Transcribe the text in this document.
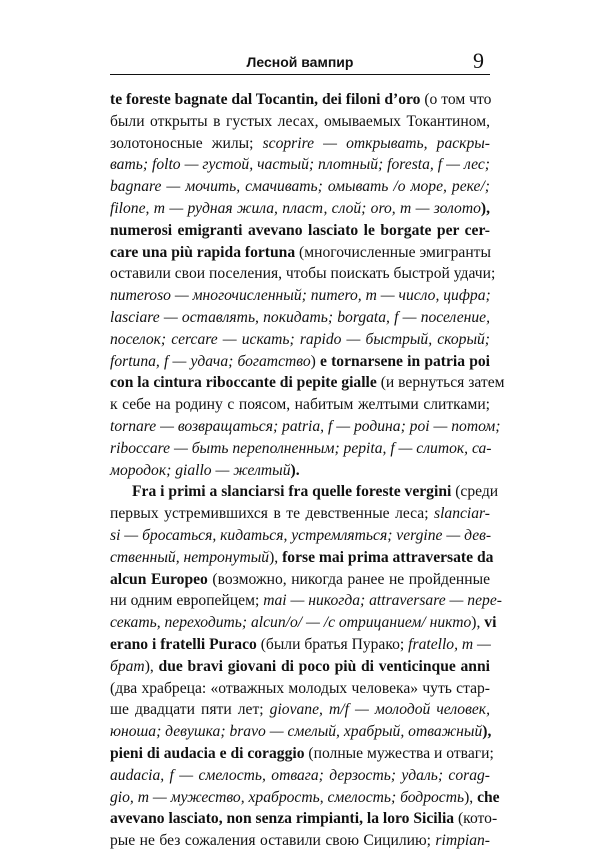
Лесной вампир	9
te foreste bagnate dal Tocantin, dei filoni d’oro (о том что
были открыты в густых лесах, омываемых Токантином,
золотоносные жилы; scoprire — открывать, раскры-
вать; folto — густой, частый; плотный; foresta, f — лес;
bagnare — мочить, смачивать; омывать /о море, реке/;
filone, m — рудная жила, пласт, слой; oro, m — золото),
numerosi emigranti avevano lasciato le borgate per cer-
care una più rapida fortuna (многочисленные эмигранты
оставили свои поселения, чтобы поискать быстрой удачи;
numeroso — многочисленный; numero, m — число, цифра;
lasciare — оставлять, покидать; borgata, f — поселение,
поселок; cercare — искать; rapido — быстрый, скорый;
fortuna, f — удача; богатство) e tornarsene in patria poi
con la cintura riboccante di pepite gialle (и вернуться затем
к себе на родину с поясом, набитым желтыми слитками;
tornare — возвращаться; patria, f — родина; poi — потом;
riboccare — быть переполненным; pepita, f — слиток, са-
мородок; giallo — желтый).
Fra i primi a slanciarsi fra quelle foreste vergini (среди
первых устремившихся в те девственные леса; slanciar-
si — бросаться, кидаться, устремляться; vergine — дев-
ственный, нетронутый), forse mai prima attraversate da
alcun Europeo (возможно, никогда ранее не пройденные
ни одним европейцем; mai — никогда; attraversare — пере-
секать, переходить; alcun/o/ — /с отрицанием/ никто), vi
erano i fratelli Puraco (были братья Пурако; fratello, m —
брат), due bravi giovani di poco più di venticinque anni
(два храбреца: «отважных молодых человека» чуть стар-
ше двадцати пяти лет; giovane, m/f — молодой человек,
юноша; девушка; bravo — смелый, храбрый, отважный),
pieni di audacia e di coraggio (полные мужества и отваги;
audacia, f — смелость, отвага; дерзость; удаль; corag-
gio, m — мужество, храбрость, смелость; бодрость), che
avevano lasciato, non senza rimpianti, la loro Sicilia (кото-
рые не без сожаления оставили свою Сицилию; rimpian-
